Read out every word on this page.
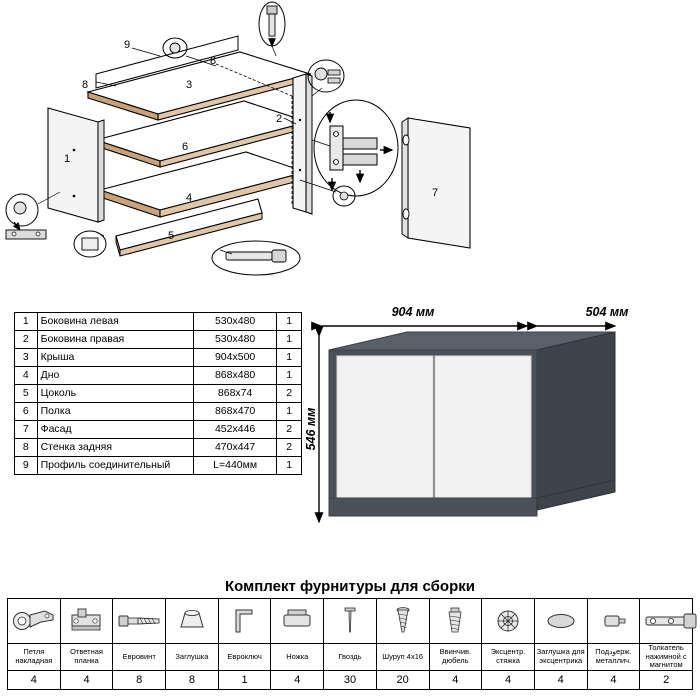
1
2
3
4
5
6
7
8
8
9
1	Боковина левая	530х480	1
2	Боковина правая	530х480	1
3	Крыша	904х500	1
4	Дно	868х480	1
5	Цоколь	868х74	2
6	Полка	868х470	1
7	Фасад	452х446	2
8	Стенка задняя	470х447	2
9	Профиль соединительный	L=440мм	1
904 мм	504 мм
546 мм
Комплект фурнитуры для сборки

Петля накладная	Ответная планка	Евровинт	Заглушка	Евроключ	Ножка	Гвоздь	Шуруп 4х16	Ввинчив. дюбель	Эксцентр. стяжка	Заглушка для эксцентрика	Подودерж. металлич.	Толкатель нажимной с магнитом
4	4	8	8	1	4	30	20	4	4	4	4	2
